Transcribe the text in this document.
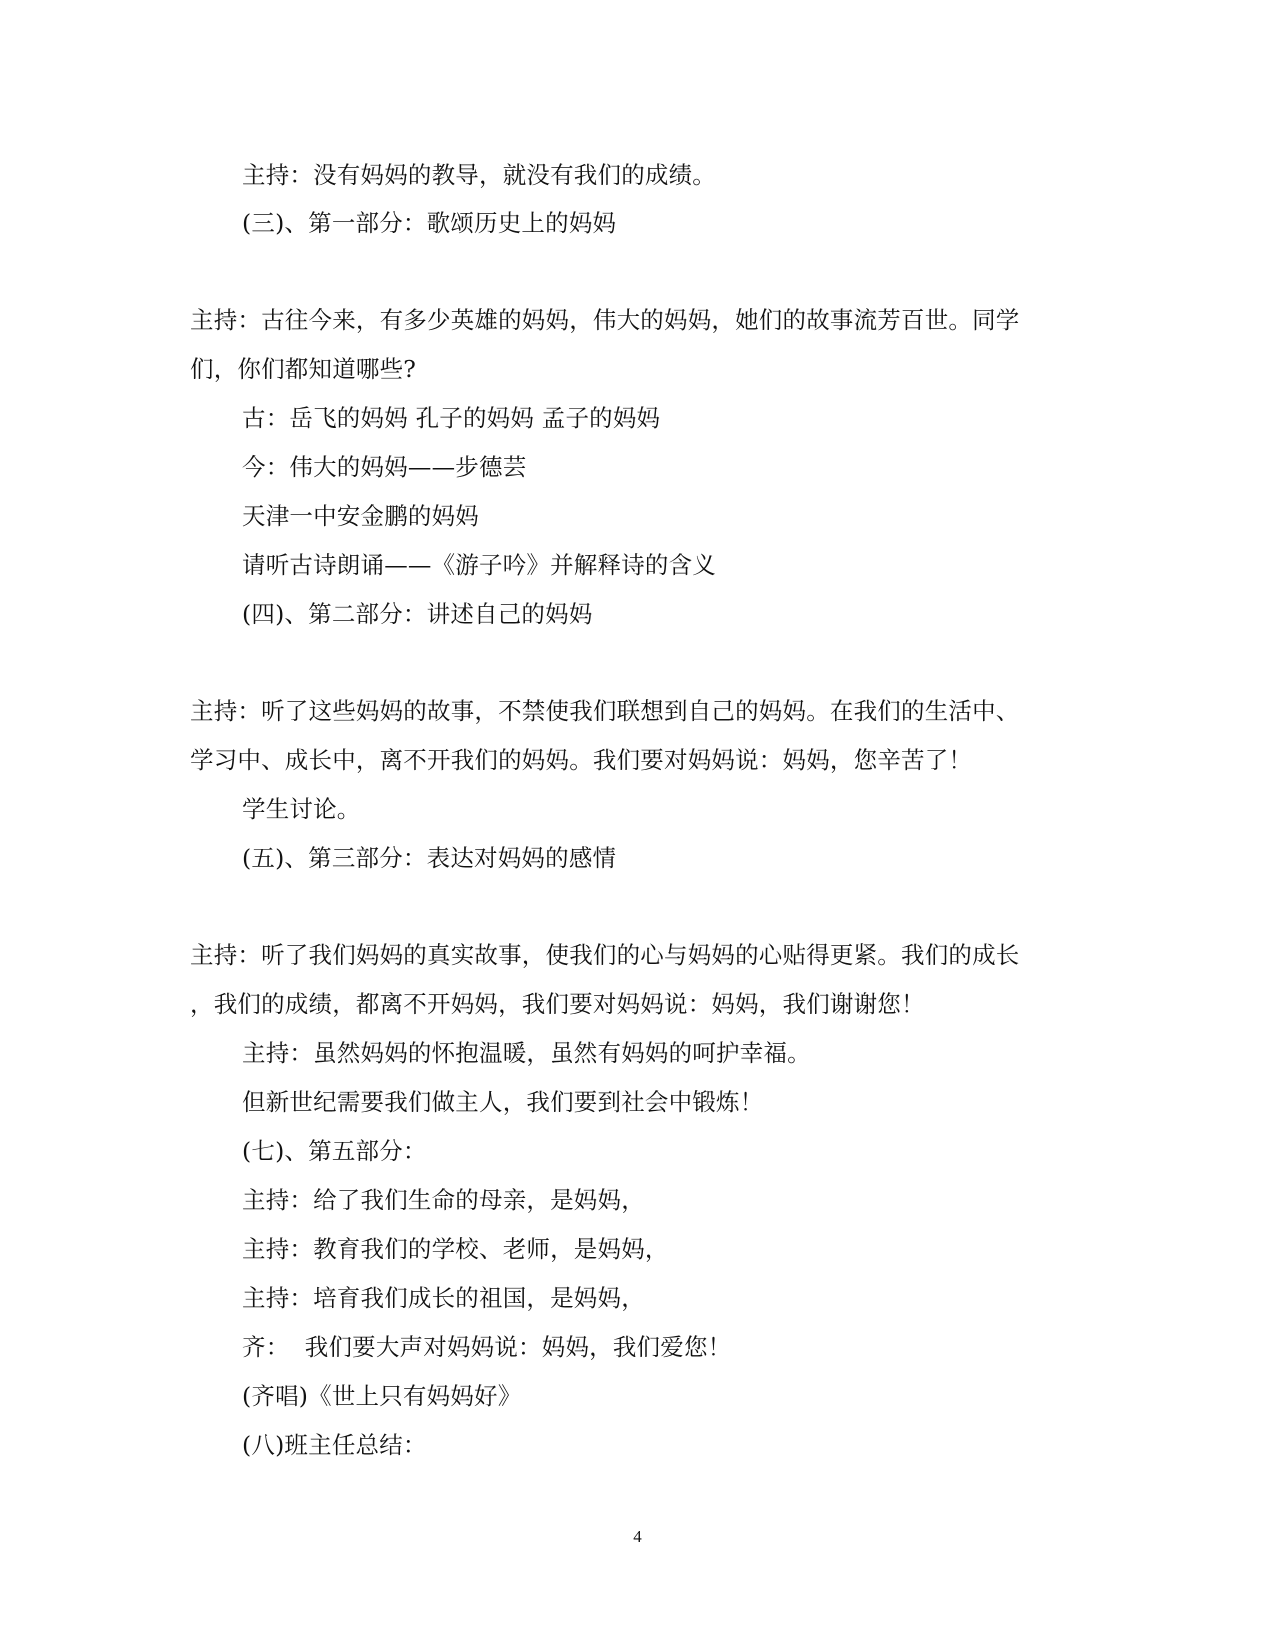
主持：没有妈妈的教导，就没有我们的成绩。

(三)、第一部分：歌颂历史上的妈妈

主持：古往今来，有多少英雄的妈妈，伟大的妈妈，她们的故事流芳百世。同学

们，你们都知道哪些?

古：岳飞的妈妈 孔子的妈妈 孟子的妈妈

今：伟大的妈妈——步德芸

天津一中安金鹏的妈妈

请听古诗朗诵——《游子吟》并解释诗的含义

(四)、第二部分：讲述自己的妈妈

主持：听了这些妈妈的故事，不禁使我们联想到自己的妈妈。在我们的生活中、

学习中、成长中，离不开我们的妈妈。我们要对妈妈说：妈妈，您辛苦了！

学生讨论。

(五)、第三部分：表达对妈妈的感情

主持：听了我们妈妈的真实故事，使我们的心与妈妈的心贴得更紧。我们的成长

，我们的成绩，都离不开妈妈，我们要对妈妈说：妈妈，我们谢谢您！

主持：虽然妈妈的怀抱温暖，虽然有妈妈的呵护幸福。

但新世纪需要我们做主人，我们要到社会中锻炼！

(七)、第五部分：

主持：给了我们生命的母亲，是妈妈，

主持：教育我们的学校、老师，是妈妈，

主持：培育我们成长的祖国，是妈妈，

齐：  我们要大声对妈妈说：妈妈，我们爱您！

(齐唱)《世上只有妈妈好》

(八)班主任总结：

4
